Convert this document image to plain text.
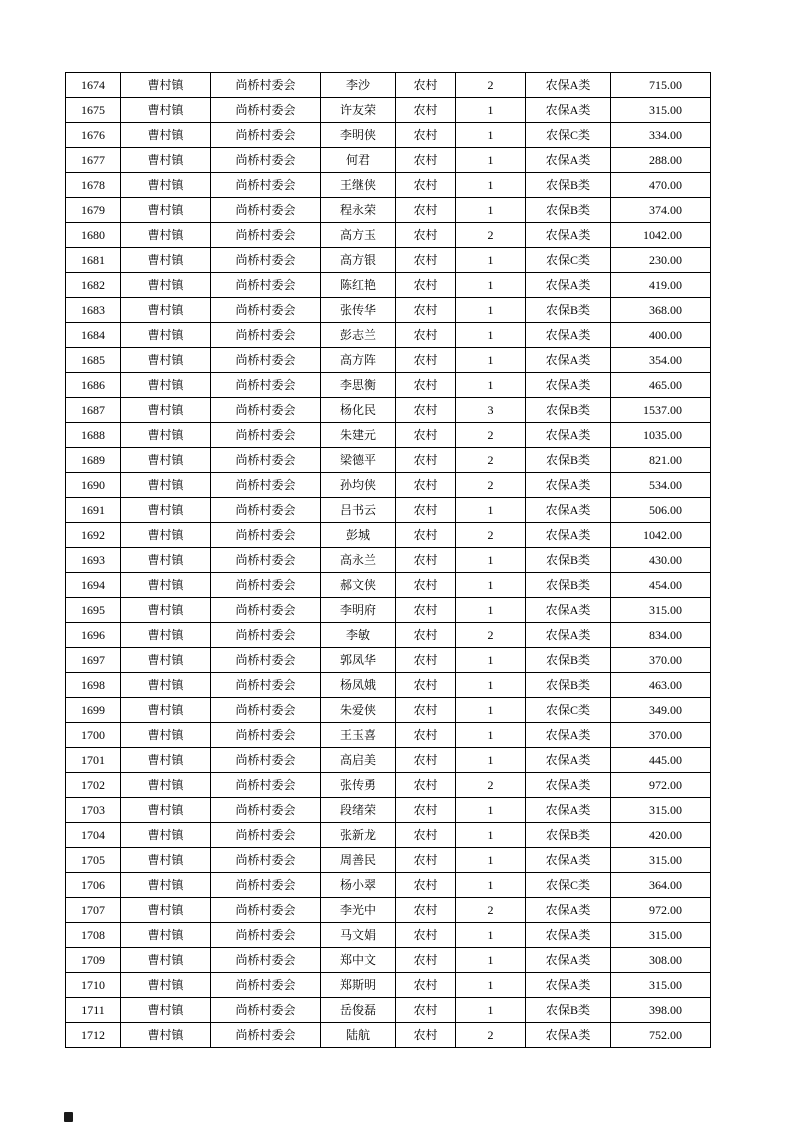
1674	曹村镇	尚桥村委会	李沙	农村	2	农保A类	715.00
1675	曹村镇	尚桥村委会	许友荣	农村	1	农保A类	315.00
1676	曹村镇	尚桥村委会	李明侠	农村	1	农保C类	334.00
1677	曹村镇	尚桥村委会	何君	农村	1	农保A类	288.00
1678	曹村镇	尚桥村委会	王继侠	农村	1	农保B类	470.00
1679	曹村镇	尚桥村委会	程永荣	农村	1	农保B类	374.00
1680	曹村镇	尚桥村委会	高方玉	农村	2	农保A类	1042.00
1681	曹村镇	尚桥村委会	高方银	农村	1	农保C类	230.00
1682	曹村镇	尚桥村委会	陈红艳	农村	1	农保A类	419.00
1683	曹村镇	尚桥村委会	张传华	农村	1	农保B类	368.00
1684	曹村镇	尚桥村委会	彭志兰	农村	1	农保A类	400.00
1685	曹村镇	尚桥村委会	高方阵	农村	1	农保A类	354.00
1686	曹村镇	尚桥村委会	李思衡	农村	1	农保A类	465.00
1687	曹村镇	尚桥村委会	杨化民	农村	3	农保B类	1537.00
1688	曹村镇	尚桥村委会	朱建元	农村	2	农保A类	1035.00
1689	曹村镇	尚桥村委会	梁德平	农村	2	农保B类	821.00
1690	曹村镇	尚桥村委会	孙均侠	农村	2	农保A类	534.00
1691	曹村镇	尚桥村委会	吕书云	农村	1	农保A类	506.00
1692	曹村镇	尚桥村委会	彭城	农村	2	农保A类	1042.00
1693	曹村镇	尚桥村委会	高永兰	农村	1	农保B类	430.00
1694	曹村镇	尚桥村委会	郝文侠	农村	1	农保B类	454.00
1695	曹村镇	尚桥村委会	李明府	农村	1	农保A类	315.00
1696	曹村镇	尚桥村委会	李敏	农村	2	农保A类	834.00
1697	曹村镇	尚桥村委会	郭凤华	农村	1	农保B类	370.00
1698	曹村镇	尚桥村委会	杨凤娥	农村	1	农保B类	463.00
1699	曹村镇	尚桥村委会	朱爱侠	农村	1	农保C类	349.00
1700	曹村镇	尚桥村委会	王玉喜	农村	1	农保A类	370.00
1701	曹村镇	尚桥村委会	高启美	农村	1	农保A类	445.00
1702	曹村镇	尚桥村委会	张传勇	农村	2	农保A类	972.00
1703	曹村镇	尚桥村委会	段绪荣	农村	1	农保A类	315.00
1704	曹村镇	尚桥村委会	张新龙	农村	1	农保B类	420.00
1705	曹村镇	尚桥村委会	周善民	农村	1	农保A类	315.00
1706	曹村镇	尚桥村委会	杨小翠	农村	1	农保C类	364.00
1707	曹村镇	尚桥村委会	李光中	农村	2	农保A类	972.00
1708	曹村镇	尚桥村委会	马文娟	农村	1	农保A类	315.00
1709	曹村镇	尚桥村委会	郑中文	农村	1	农保A类	308.00
1710	曹村镇	尚桥村委会	郑斯明	农村	1	农保A类	315.00
1711	曹村镇	尚桥村委会	岳俊磊	农村	1	农保B类	398.00
1712	曹村镇	尚桥村委会	陆航	农村	2	农保A类	752.00
